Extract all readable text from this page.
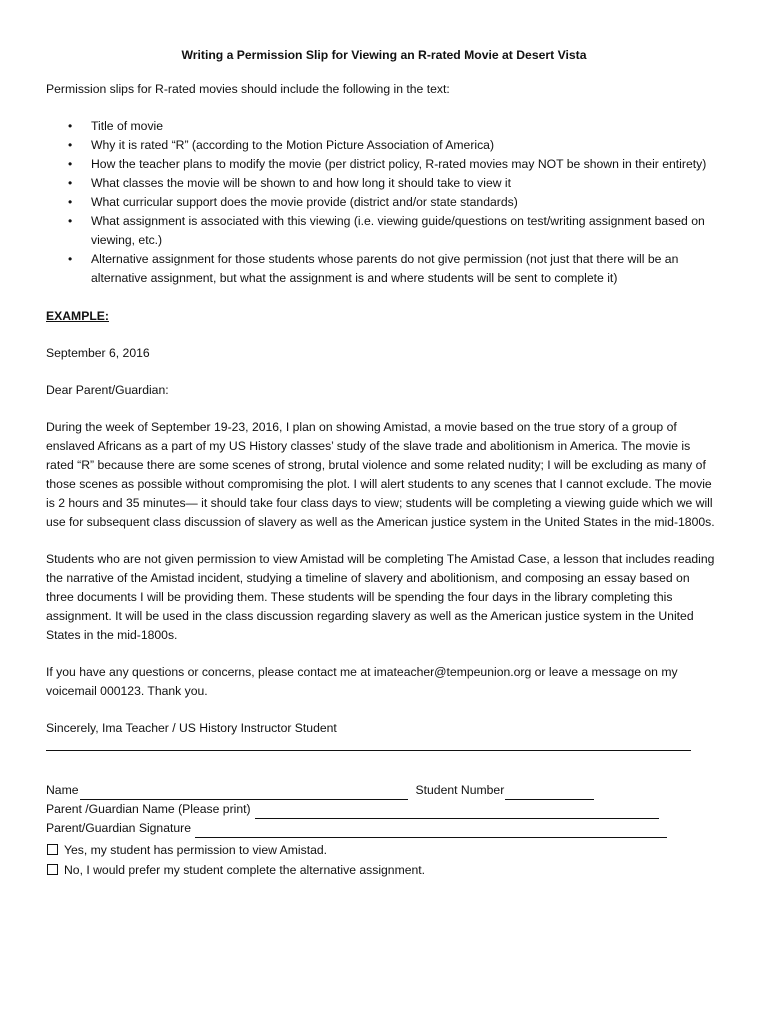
Writing a Permission Slip for Viewing an R-rated Movie at Desert Vista

Permission slips for R-rated movies should include the following in the text:

• Title of movie
• Why it is rated “R” (according to the Motion Picture Association of America)
• How the teacher plans to modify the movie (per district policy, R-rated movies may NOT be shown in their entirety)
• What classes the movie will be shown to and how long it should take to view it
• What curricular support does the movie provide (district and/or state standards)
• What assignment is associated with this viewing (i.e. viewing guide/questions on test/writing assignment based on viewing, etc.)
• Alternative assignment for those students whose parents do not give permission (not just that there will be an alternative assignment, but what the assignment is and where students will be sent to complete it)

EXAMPLE:

September 6, 2016

Dear Parent/Guardian:

During the week of September 19-23, 2016, I plan on showing Amistad, a movie based on the true story of a group of enslaved Africans as a part of my US History classes’ study of the slave trade and abolitionism in America. The movie is rated “R” because there are some scenes of strong, brutal violence and some related nudity; I will be excluding as many of those scenes as possible without compromising the plot. I will alert students to any scenes that I cannot exclude. The movie is 2 hours and 35 minutes— it should take four class days to view; students will be completing a viewing guide which we will use for subsequent class discussion of slavery as well as the American justice system in the United States in the mid-1800s.

Students who are not given permission to view Amistad will be completing The Amistad Case, a lesson that includes reading the narrative of the Amistad incident, studying a timeline of slavery and abolitionism, and composing an essay based on three documents I will be providing them. These students will be spending the four days in the library completing this assignment. It will be used in the class discussion regarding slavery as well as the American justice system in the United States in the mid-1800s.

If you have any questions or concerns, please contact me at imateacher@tempeunion.org or leave a message on my voicemail 000123. Thank you.

Sincerely, Ima Teacher / US History Instructor Student

Name	Student Number
Parent /Guardian Name (Please print)
Parent/Guardian Signature
Yes, my student has permission to view Amistad.
No, I would prefer my student complete the alternative assignment.
